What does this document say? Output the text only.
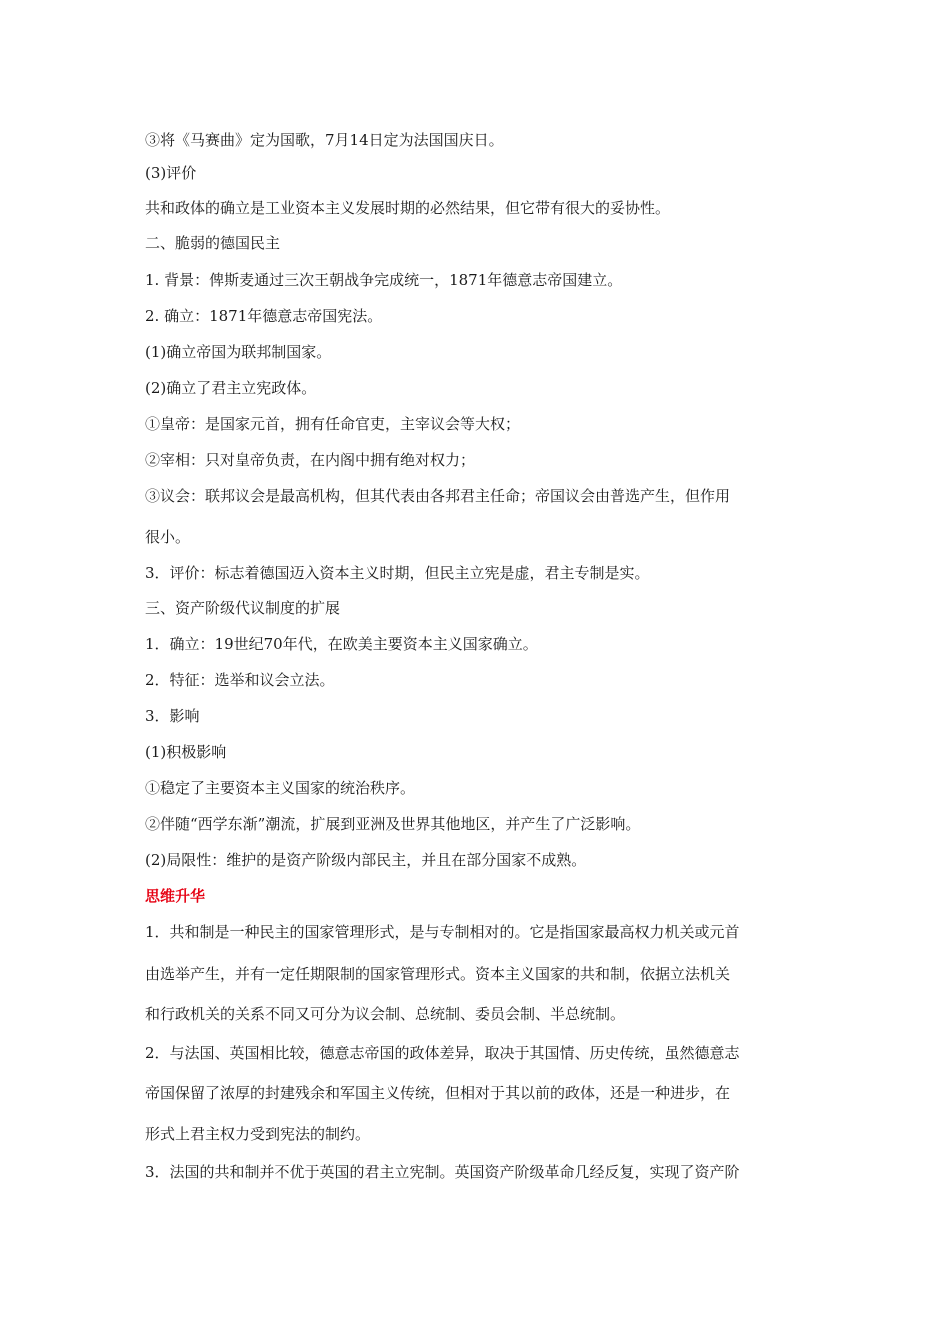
③将《马赛曲》定为国歌，7月14日定为法国国庆日。
(3)评价
共和政体的确立是工业资本主义发展时期的必然结果，但它带有很大的妥协性。
二、脆弱的德国民主
1. 背景：俾斯麦通过三次王朝战争完成统一，1871年德意志帝国建立。
2. 确立：1871年德意志帝国宪法。
(1)确立帝国为联邦制国家。
(2)确立了君主立宪政体。
①皇帝：是国家元首，拥有任命官吏，主宰议会等大权；
②宰相：只对皇帝负责，在内阁中拥有绝对权力；
③议会：联邦议会是最高机构，但其代表由各邦君主任命；帝国议会由普选产生，但作用
很小。
3．评价：标志着德国迈入资本主义时期，但民主立宪是虚，君主专制是实。
三、资产阶级代议制度的扩展
1．确立：19世纪70年代，在欧美主要资本主义国家确立。
2．特征：选举和议会立法。
3．影响
(1)积极影响
①稳定了主要资本主义国家的统治秩序。
②伴随“西学东渐”潮流，扩展到亚洲及世界其他地区，并产生了广泛影响。
(2)局限性：维护的是资产阶级内部民主，并且在部分国家不成熟。
思维升华
1．共和制是一种民主的国家管理形式，是与专制相对的。它是指国家最高权力机关或元首
由选举产生，并有一定任期限制的国家管理形式。资本主义国家的共和制，依据立法机关
和行政机关的关系不同又可分为议会制、总统制、委员会制、半总统制。
2．与法国、英国相比较，德意志帝国的政体差异，取决于其国情、历史传统，虽然德意志
帝国保留了浓厚的封建残余和军国主义传统，但相对于其以前的政体，还是一种进步，在
形式上君主权力受到宪法的制约。
3．法国的共和制并不优于英国的君主立宪制。英国资产阶级革命几经反复，实现了资产阶
